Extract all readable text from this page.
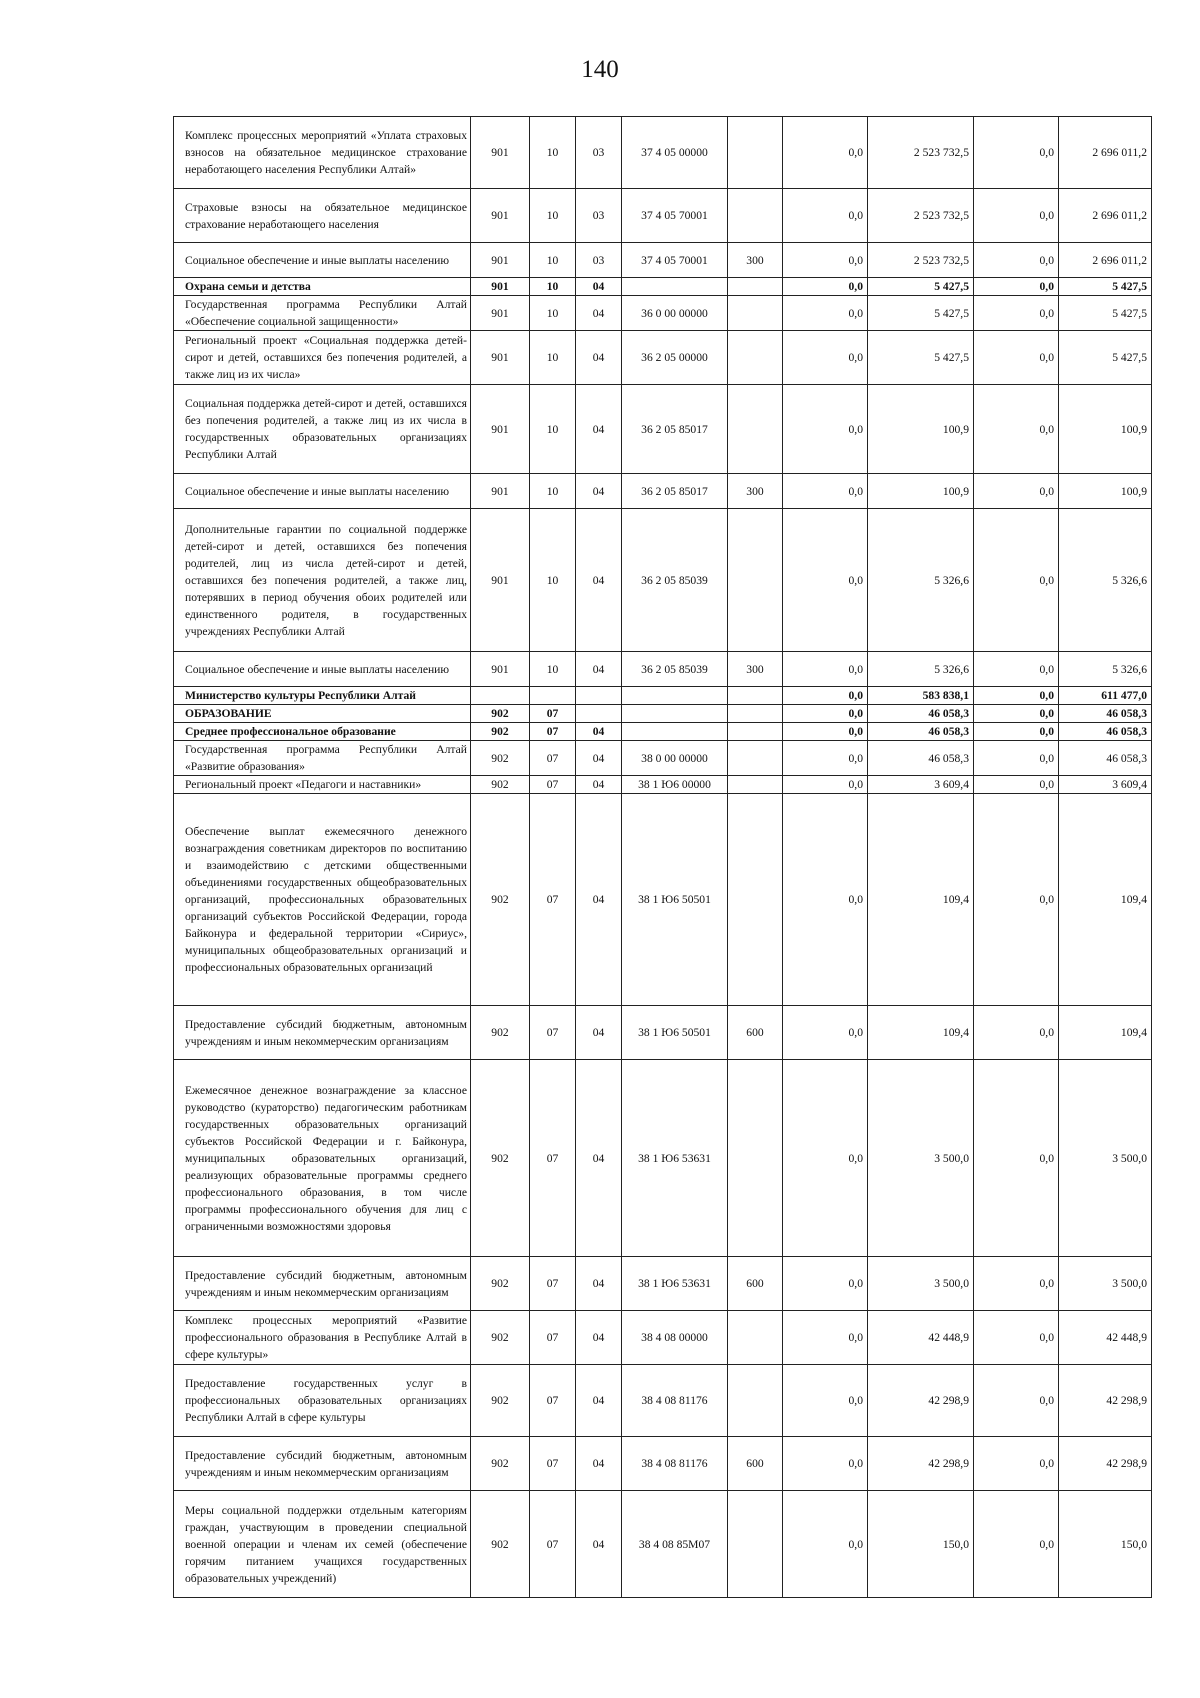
140
Комплекс процессных мероприятий «Уплата страховых взносов на обязательное медицинское страхование неработающего населения Республики Алтай»	901	10	03	37 4 05 00000		0,0	2 523 732,5	0,0	2 696 011,2
Страховые взносы на обязательное медицинское страхование неработающего населения	901	10	03	37 4 05 70001		0,0	2 523 732,5	0,0	2 696 011,2
Социальное обеспечение и иные выплаты населению	901	10	03	37 4 05 70001	300	0,0	2 523 732,5	0,0	2 696 011,2
Охрана семьи и детства	901	10	04			0,0	5 427,5	0,0	5 427,5
Государственная программа Республики Алтай «Обеспечение социальной защищенности»	901	10	04	36 0 00 00000		0,0	5 427,5	0,0	5 427,5
Региональный проект «Социальная поддержка детей-сирот и детей, оставшихся без попечения родителей, а также лиц из их числа»	901	10	04	36 2 05 00000		0,0	5 427,5	0,0	5 427,5
Социальная поддержка детей-сирот и детей, оставшихся без попечения родителей, а также лиц из их числа в государственных образовательных организациях Республики Алтай	901	10	04	36 2 05 85017		0,0	100,9	0,0	100,9
Социальное обеспечение и иные выплаты населению	901	10	04	36 2 05 85017	300	0,0	100,9	0,0	100,9
Дополнительные гарантии по социальной поддержке детей-сирот и детей, оставшихся без попечения родителей, лиц из числа детей-сирот и детей, оставшихся без попечения родителей, а также лиц, потерявших в период обучения обоих родителей или единственного родителя, в государственных учреждениях Республики Алтай	901	10	04	36 2 05 85039		0,0	5 326,6	0,0	5 326,6
Социальное обеспечение и иные выплаты населению	901	10	04	36 2 05 85039	300	0,0	5 326,6	0,0	5 326,6
Министерство культуры Республики Алтай						0,0	583 838,1	0,0	611 477,0
ОБРАЗОВАНИЕ	902	07				0,0	46 058,3	0,0	46 058,3
Среднее профессиональное образование	902	07	04			0,0	46 058,3	0,0	46 058,3
Государственная программа Республики Алтай «Развитие образования»	902	07	04	38 0 00 00000		0,0	46 058,3	0,0	46 058,3
Региональный проект «Педагоги и наставники»	902	07	04	38 1 Ю6 00000		0,0	3 609,4	0,0	3 609,4
Обеспечение выплат ежемесячного денежного вознаграждения советникам директоров по воспитанию и взаимодействию с детскими общественными объединениями государственных общеобразовательных организаций, профессиональных образовательных организаций субъектов Российской Федерации, города Байконура и федеральной территории «Сириус», муниципальных общеобразовательных организаций и профессиональных образовательных организаций	902	07	04	38 1 Ю6 50501		0,0	109,4	0,0	109,4
Предоставление субсидий бюджетным, автономным учреждениям и иным некоммерческим организациям	902	07	04	38 1 Ю6 50501	600	0,0	109,4	0,0	109,4
Ежемесячное денежное вознаграждение за классное руководство (кураторство) педагогическим работникам государственных образовательных организаций субъектов Российской Федерации и г. Байконура, муниципальных образовательных организаций, реализующих образовательные программы среднего профессионального образования, в том числе программы профессионального обучения для лиц с ограниченными возможностями здоровья	902	07	04	38 1 Ю6 53631		0,0	3 500,0	0,0	3 500,0
Предоставление субсидий бюджетным, автономным учреждениям и иным некоммерческим организациям	902	07	04	38 1 Ю6 53631	600	0,0	3 500,0	0,0	3 500,0
Комплекс процессных мероприятий «Развитие профессионального образования в Республике Алтай в сфере культуры»	902	07	04	38 4 08 00000		0,0	42 448,9	0,0	42 448,9
Предоставление государственных услуг в профессиональных образовательных организациях Республики Алтай в сфере культуры	902	07	04	38 4 08 81176		0,0	42 298,9	0,0	42 298,9
Предоставление субсидий бюджетным, автономным учреждениям и иным некоммерческим организациям	902	07	04	38 4 08 81176	600	0,0	42 298,9	0,0	42 298,9
Меры социальной поддержки отдельным категориям граждан, участвующим в проведении специальной военной операции и членам их семей (обеспечение горячим питанием учащихся государственных образовательных учреждений)	902	07	04	38 4 08 85М07		0,0	150,0	0,0	150,0
